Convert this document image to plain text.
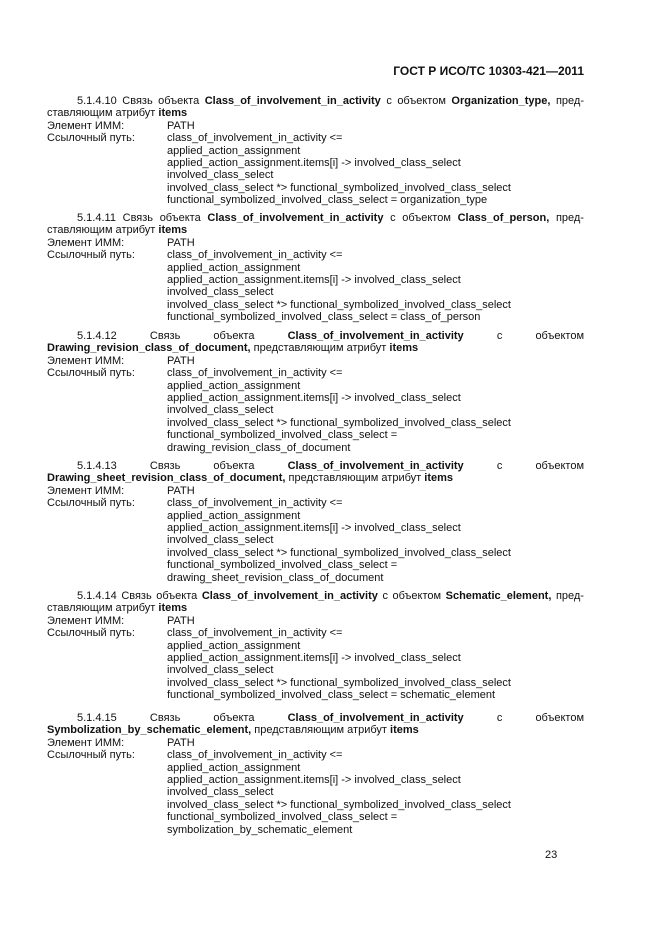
ГОСТ Р ИСО/ТС 10303-421—2011

5.1.4.10 Связь объекта Class_of_involvement_in_activity с объектом Organization_type, пред-ставляющим атрибут items

Элемент ИММ:	PATH
Ссылочный путь:	class_of_involvement_in_activity <=
applied_action_assignment
applied_action_assignment.items[i] -> involved_class_select
involved_class_select
involved_class_select *> functional_symbolized_involved_class_select
functional_symbolized_involved_class_select = organization_type

5.1.4.11 Связь объекта Class_of_involvement_in_activity с объектом Class_of_person, пред-ставляющим атрибут items

Элемент ИММ:	PATH
Ссылочный путь:	class_of_involvement_in_activity <=
applied_action_assignment
applied_action_assignment.items[i] -> involved_class_select
involved_class_select
involved_class_select *> functional_symbolized_involved_class_select
functional_symbolized_involved_class_select = class_of_person

5.1.4.12	Связь объекта	Class_of_involvement_in_activity	с объектом Drawing_revision_class_of_document, представляющим атрибут items

Элемент ИММ:	PATH
Ссылочный путь:	class_of_involvement_in_activity <=
applied_action_assignment
applied_action_assignment.items[i] -> involved_class_select
involved_class_select
involved_class_select *> functional_symbolized_involved_class_select
functional_symbolized_involved_class_select =
drawing_revision_class_of_document

5.1.4.13	Связь объекта	Class_of_involvement_in_activity	с объектом Drawing_sheet_revision_class_of_document, представляющим атрибут items

Элемент ИММ:	PATH
Ссылочный путь:	class_of_involvement_in_activity <=
applied_action_assignment
applied_action_assignment.items[i] -> involved_class_select
involved_class_select
involved_class_select *> functional_symbolized_involved_class_select
functional_symbolized_involved_class_select =
drawing_sheet_revision_class_of_document

5.1.4.14 Связь объекта Class_of_involvement_in_activity с объектом Schematic_element, пред-ставляющим атрибут items

Элемент ИММ:	PATH
Ссылочный путь:	class_of_involvement_in_activity <=
applied_action_assignment
applied_action_assignment.items[i] -> involved_class_select
involved_class_select
involved_class_select *> functional_symbolized_involved_class_select
functional_symbolized_involved_class_select = schematic_element

5.1.4.15	Связь объекта	Class_of_involvement_in_activity	с объектом Symbolization_by_schematic_element, представляющим атрибут items

Элемент ИММ:	PATH
Ссылочный путь:	class_of_involvement_in_activity <=
applied_action_assignment
applied_action_assignment.items[i] -> involved_class_select
involved_class_select
involved_class_select *> functional_symbolized_involved_class_select
functional_symbolized_involved_class_select =
symbolization_by_schematic_element
23
